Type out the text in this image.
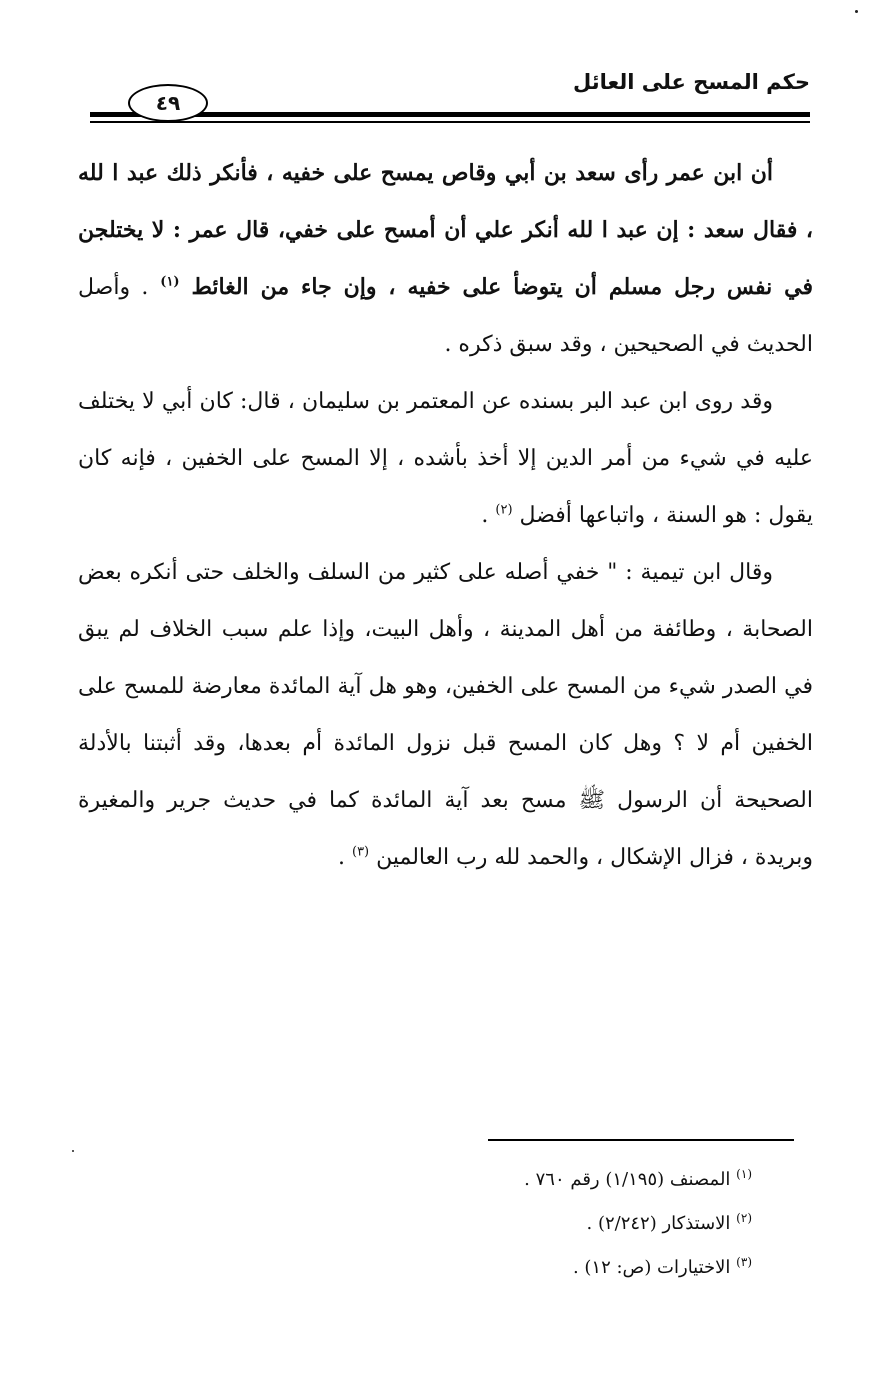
حكم المسح على العائل
٤٩

أن ابن عمر رأى سعد بن أبي وقاص يمسح على خفيه ، فأنكر ذلك عبد ا لله ، فقال سعد : إن عبد ا لله أنكر علي أن أمسح على خفي، قال عمر : لا يختلجن في نفس رجل مسلم أن يتوضأ على خفيه ، وإن جاء من الغائط $^{(١)}$ . وأصل الحديث في الصحيحين ، وقد سبق ذكره .

وقد روى ابن عبد البر بسنده عن المعتمر بن سليمان ، قال: كان أبي لا يختلف عليه في شيء من أمر الدين إلا أخذ بأشده ، إلا المسح على الخفين ، فإنه كان يقول : هو السنة ، واتباعها أفضل $^{(٢)}$ .

وقال ابن تيمية : " خفي أصله على كثير من السلف والخلف حتى أنكره بعض الصحابة ، وطائفة من أهل المدينة ، وأهل البيت، وإذا علم سبب الخلاف لم يبق في الصدر شيء من المسح على الخفين، وهو هل آية المائدة معارضة للمسح على الخفين أم لا ؟ وهل كان المسح قبل نزول المائدة أم بعدها، وقد أثبتنا بالأدلة الصحيحة أن الرسول ﷺ مسح بعد آية المائدة كما في حديث جرير والمغيرة وبريدة ، فزال الإشكال ، والحمد لله رب العالمين $^{(٣)}$ .

$^{(١)}$ المصنف (١/١٩٥) رقم ٧٦٠ .

$^{(٢)}$ الاستذكار (٢/٢٤٢) .

$^{(٣)}$ الاختيارات (ص: ١٢) .
